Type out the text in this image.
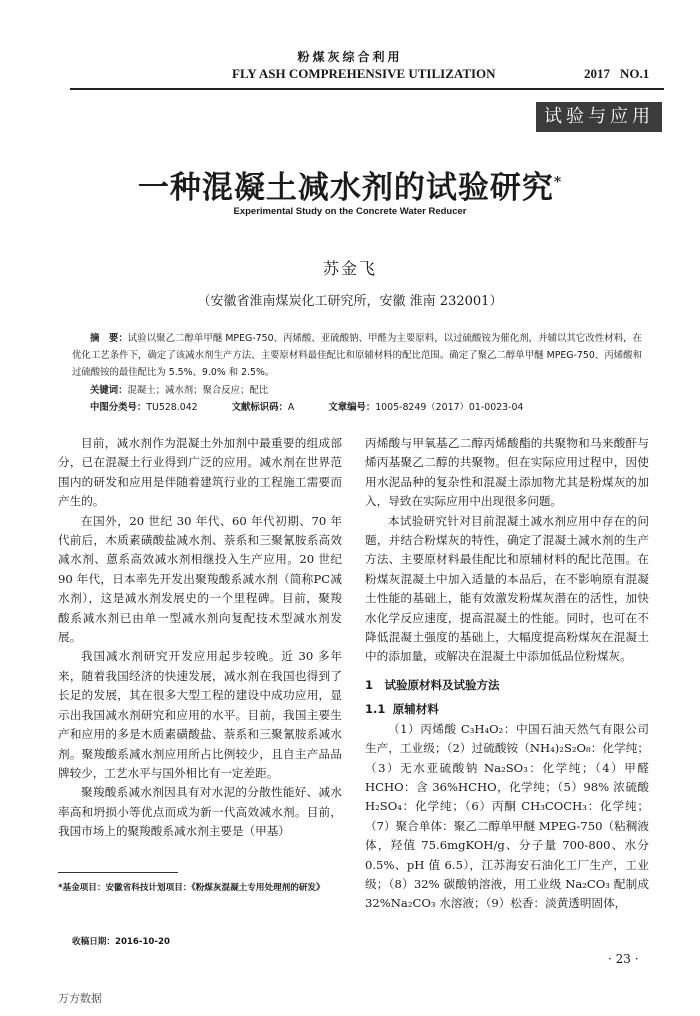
粉煤灰综合利用
FLY ASH COMPREHENSIVE UTILIZATION	2017 NO.1
试验与应用
一种混凝土减水剂的试验研究*
Experimental Study on the Concrete Water Reducer
苏金飞
（安徽省淮南煤炭化工研究所，安徽 淮南 232001）
摘　要：试验以聚乙二醇单甲醚 MPEG-750、丙烯酸、亚硫酸钠、甲醛为主要原料，以过硫酸铵为催化剂，并辅以其它改性材料，在优化工艺条件下，确定了该减水剂生产方法、主要原材料最佳配比和原辅材料的配比范围。确定了聚乙二醇单甲醚 MPEG-750、丙烯酸和过硫酸铵的最佳配比为 5.5%、9.0% 和 2.5%。
关键词：混凝土；减水剂；聚合反应；配比
中图分类号：TU528.042	文献标识码：A	文章编号：1005-8249（2017）01-0023-04

目前，减水剂作为混凝土外加剂中最重要的组成部分，已在混凝土行业得到广泛的应用。减水剂在世界范围内的研发和应用是伴随着建筑行业的工程施工需要而产生的。

在国外，20 世纪 30 年代、60 年代初期、70 年代前后，木质素磺酸盐减水剂、萘系和三聚氰胺系高效减水剂、蒽系高效减水剂相继投入生产应用。20 世纪 90 年代，日本率先开发出聚羧酸系减水剂（简称PC减水剂），这是减水剂发展史的一个里程碑。目前，聚羧酸系减水剂已由单一型减水剂向复配技术型减水剂发展。

我国减水剂研究开发应用起步较晚。近 30 多年来，随着我国经济的快速发展，减水剂在我国也得到了长足的发展，其在很多大型工程的建设中成功应用，显示出我国减水剂研究和应用的水平。目前，我国主要生产和应用的多是木质素磺酸盐、萘系和三聚氰胺系减水剂。聚羧酸系减水剂应用所占比例较少，且自主产品品牌较少，工艺水平与国外相比有一定差距。

聚羧酸系减水剂因具有对水泥的分散性能好、减水率高和坍损小等优点而成为新一代高效减水剂。目前，我国市场上的聚羧酸系减水剂主要是（甲基）

丙烯酸与甲氧基乙二醇丙烯酸酯的共聚物和马来酸酐与烯丙基聚乙二醇的共聚物。但在实际应用过程中，因使用水泥品种的复杂性和混凝土添加物尤其是粉煤灰的加入，导致在实际应用中出现很多问题。

本试验研究针对目前混凝土减水剂应用中存在的问题，并结合粉煤灰的特性，确定了混凝土减水剂的生产方法、主要原材料最佳配比和原辅材料的配比范围。在粉煤灰混凝土中加入适量的本品后，在不影响原有混凝土性能的基础上，能有效激发粉煤灰潜在的活性，加快水化学反应速度，提高混凝土的性能。同时，也可在不降低混凝土强度的基础上，大幅度提高粉煤灰在混凝土中的添加量，或解决在混凝土中添加低品位粉煤灰。

1　试验原材料及试验方法

1.1 原辅材料

（1）丙烯酸 C₃H₄O₂：中国石油天然气有限公司生产，工业级；（2）过硫酸铵（NH₄)₂S₂O₈：化学纯；（3）无水亚硫酸钠 Na₂SO₃：化学纯；（4）甲醛 HCHO：含 36%HCHO，化学纯；（5）98% 浓硫酸 H₂SO₄：化学纯；（6）丙酮 CH₃COCH₃：化学纯；（7）聚合单体：聚乙二醇单甲醚 MPEG-750（粘稠液体，羟值 75.6mgKOH/g、分子量 700-800、水分 0.5%、pH 值 6.5），江苏海安石油化工厂生产，工业级；（8）32% 碳酸钠溶液，用工业级 Na₂CO₃ 配制成 32%Na₂CO₃ 水溶液；（9）松香：淡黄透明固体，

*基金项目：安徽省科技计划项目：《粉煤灰混凝土专用处理剂的研发》
收稿日期：2016-10-20
· 23 ·
万方数据
